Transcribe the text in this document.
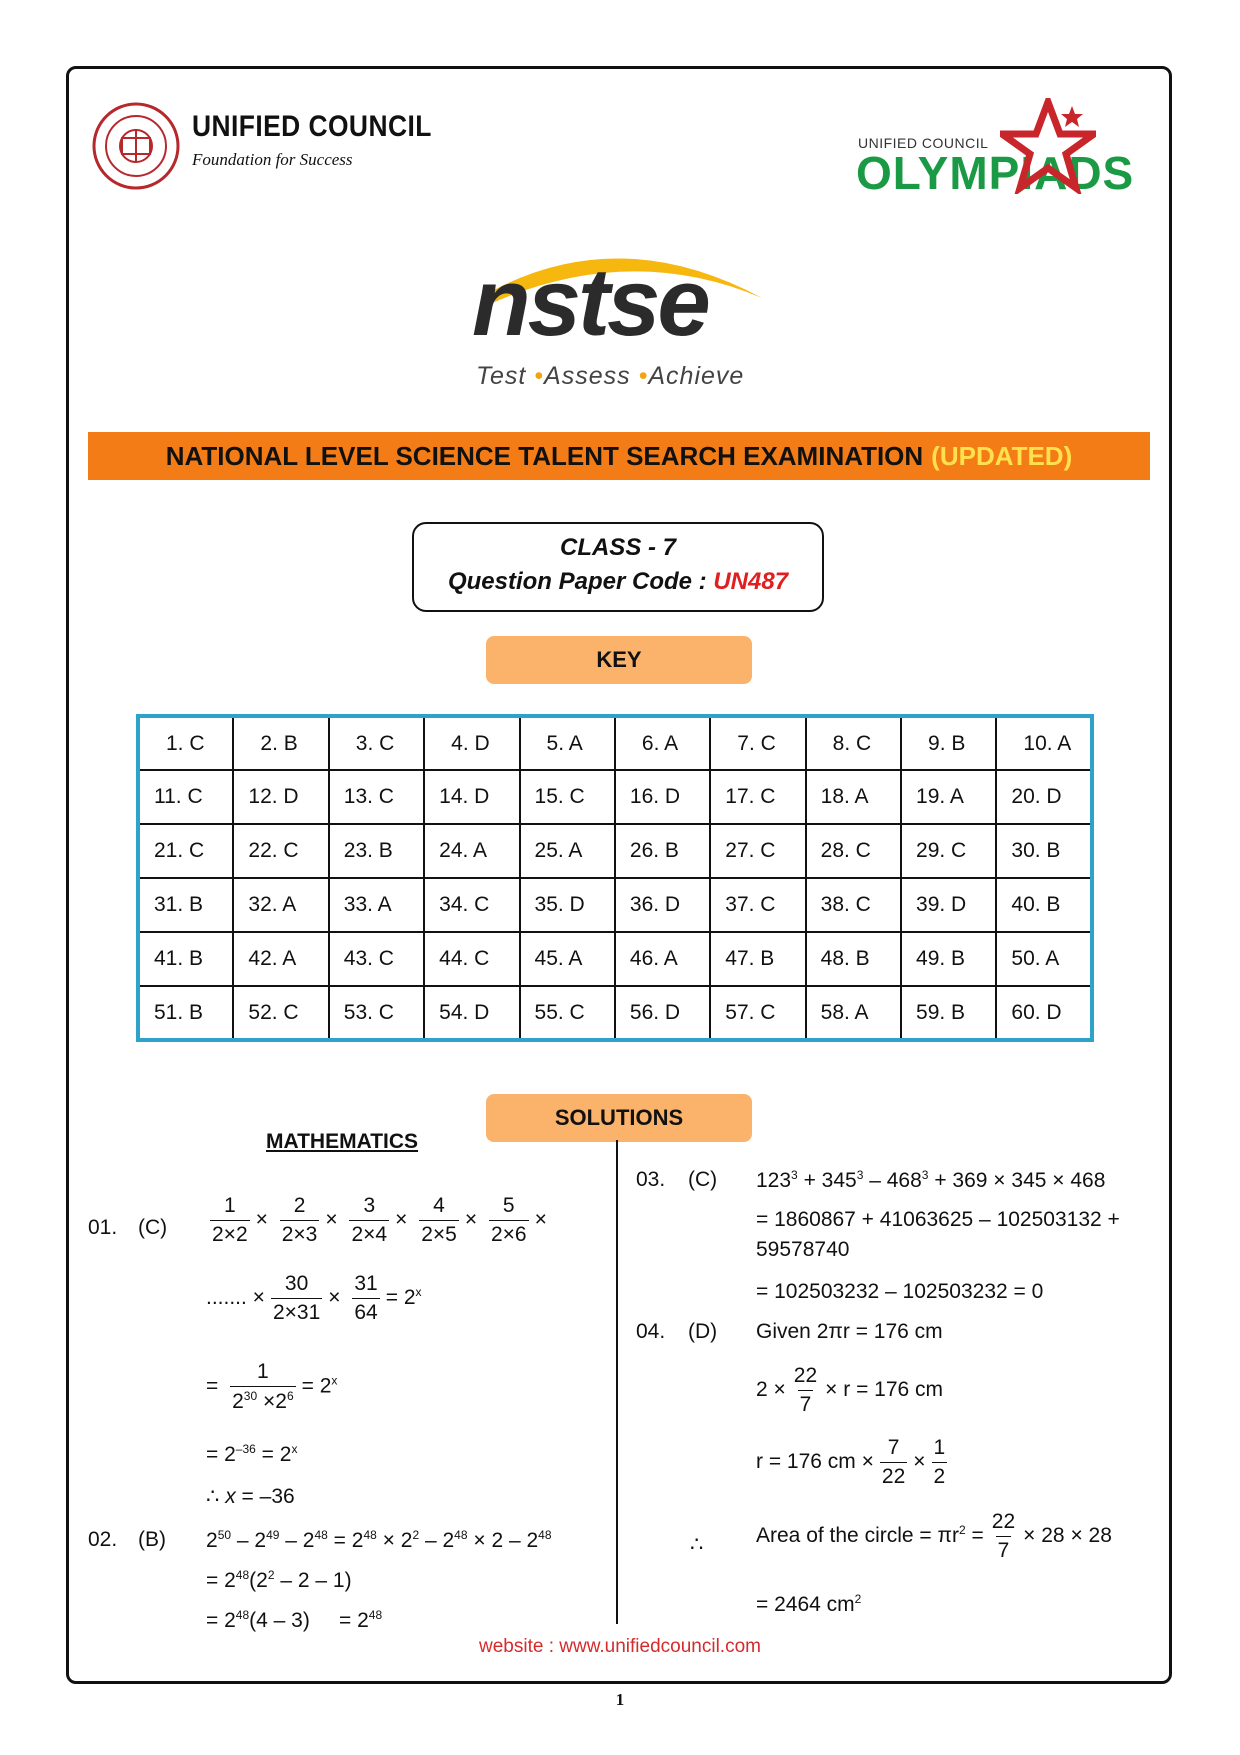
UNIFIED COUNCIL
Foundation for Success
UNIFIED COUNCIL
OLYMPIADS
nstse
Test •Assess •Achieve
NATIONAL LEVEL SCIENCE TALENT SEARCH EXAMINATION (UPDATED)
CLASS - 7
Question Paper Code : UN487
KEY
1. C	2. B	3. C	4. D	5. A	6. A	7. C	8. C	9. B	10. A
11. C	12. D	13. C	14. D	15. C	16. D	17. C	18. A	19. A	20. D
21. C	22. C	23. B	24. A	25. A	26. B	27. C	28. C	29. C	30. B
31. B	32. A	33. A	34. C	35. D	36. D	37. C	38. C	39. D	40. B
41. B	42. A	43. C	44. C	45. A	46. A	47. B	48. B	49. B	50. A
51. B	52. C	53. C	54. D	55. C	56. D	57. C	58. A	59. B	60. D
SOLUTIONS
MATHEMATICS
01. $(C) \frac{1}{2\times 2} \times \frac{2}{2\times 3} \times \frac{3}{2\times 4} \times \frac{4}{2\times 5} \times \frac{5}{2\times 6}$ ×
....... × $\frac{30}{2\times 31} \times \frac{31}{64} = 2^x$
= $\frac{1}{2^{30} \times 2^6} = 2^x$
= $2^{-36} = 2^x$
∴ x = –36
02. (B) $2^{50} - 2^{49} - 2^{48} = 2^{48} \times 2^2 - 2^{48} \times 2 - 2^{48}$
= $2^{48}(2^2 - 2 - 1)$
= $2^{48}(4 - 3)$     = $2^{48}$
03. (C) $123^3 + 345^3 - 468^3 + 369 \times 345 \times 468$
= 1860867 + 41063625 – 102503132 +
59578740
= 102503232 – 102503232 = 0
04. (D) Given 2πr = 176 cm
$2 \times \frac{22}{7} \times r = 176$ cm
r = 176 cm × $\frac{7}{22} \times \frac{1}{2}$
∴	Area of the circle = $\pi r^2 = \frac{22}{7} \times 28 \times 28$
= 2464 $cm^2$
website : www.unifiedcouncil.com
1
